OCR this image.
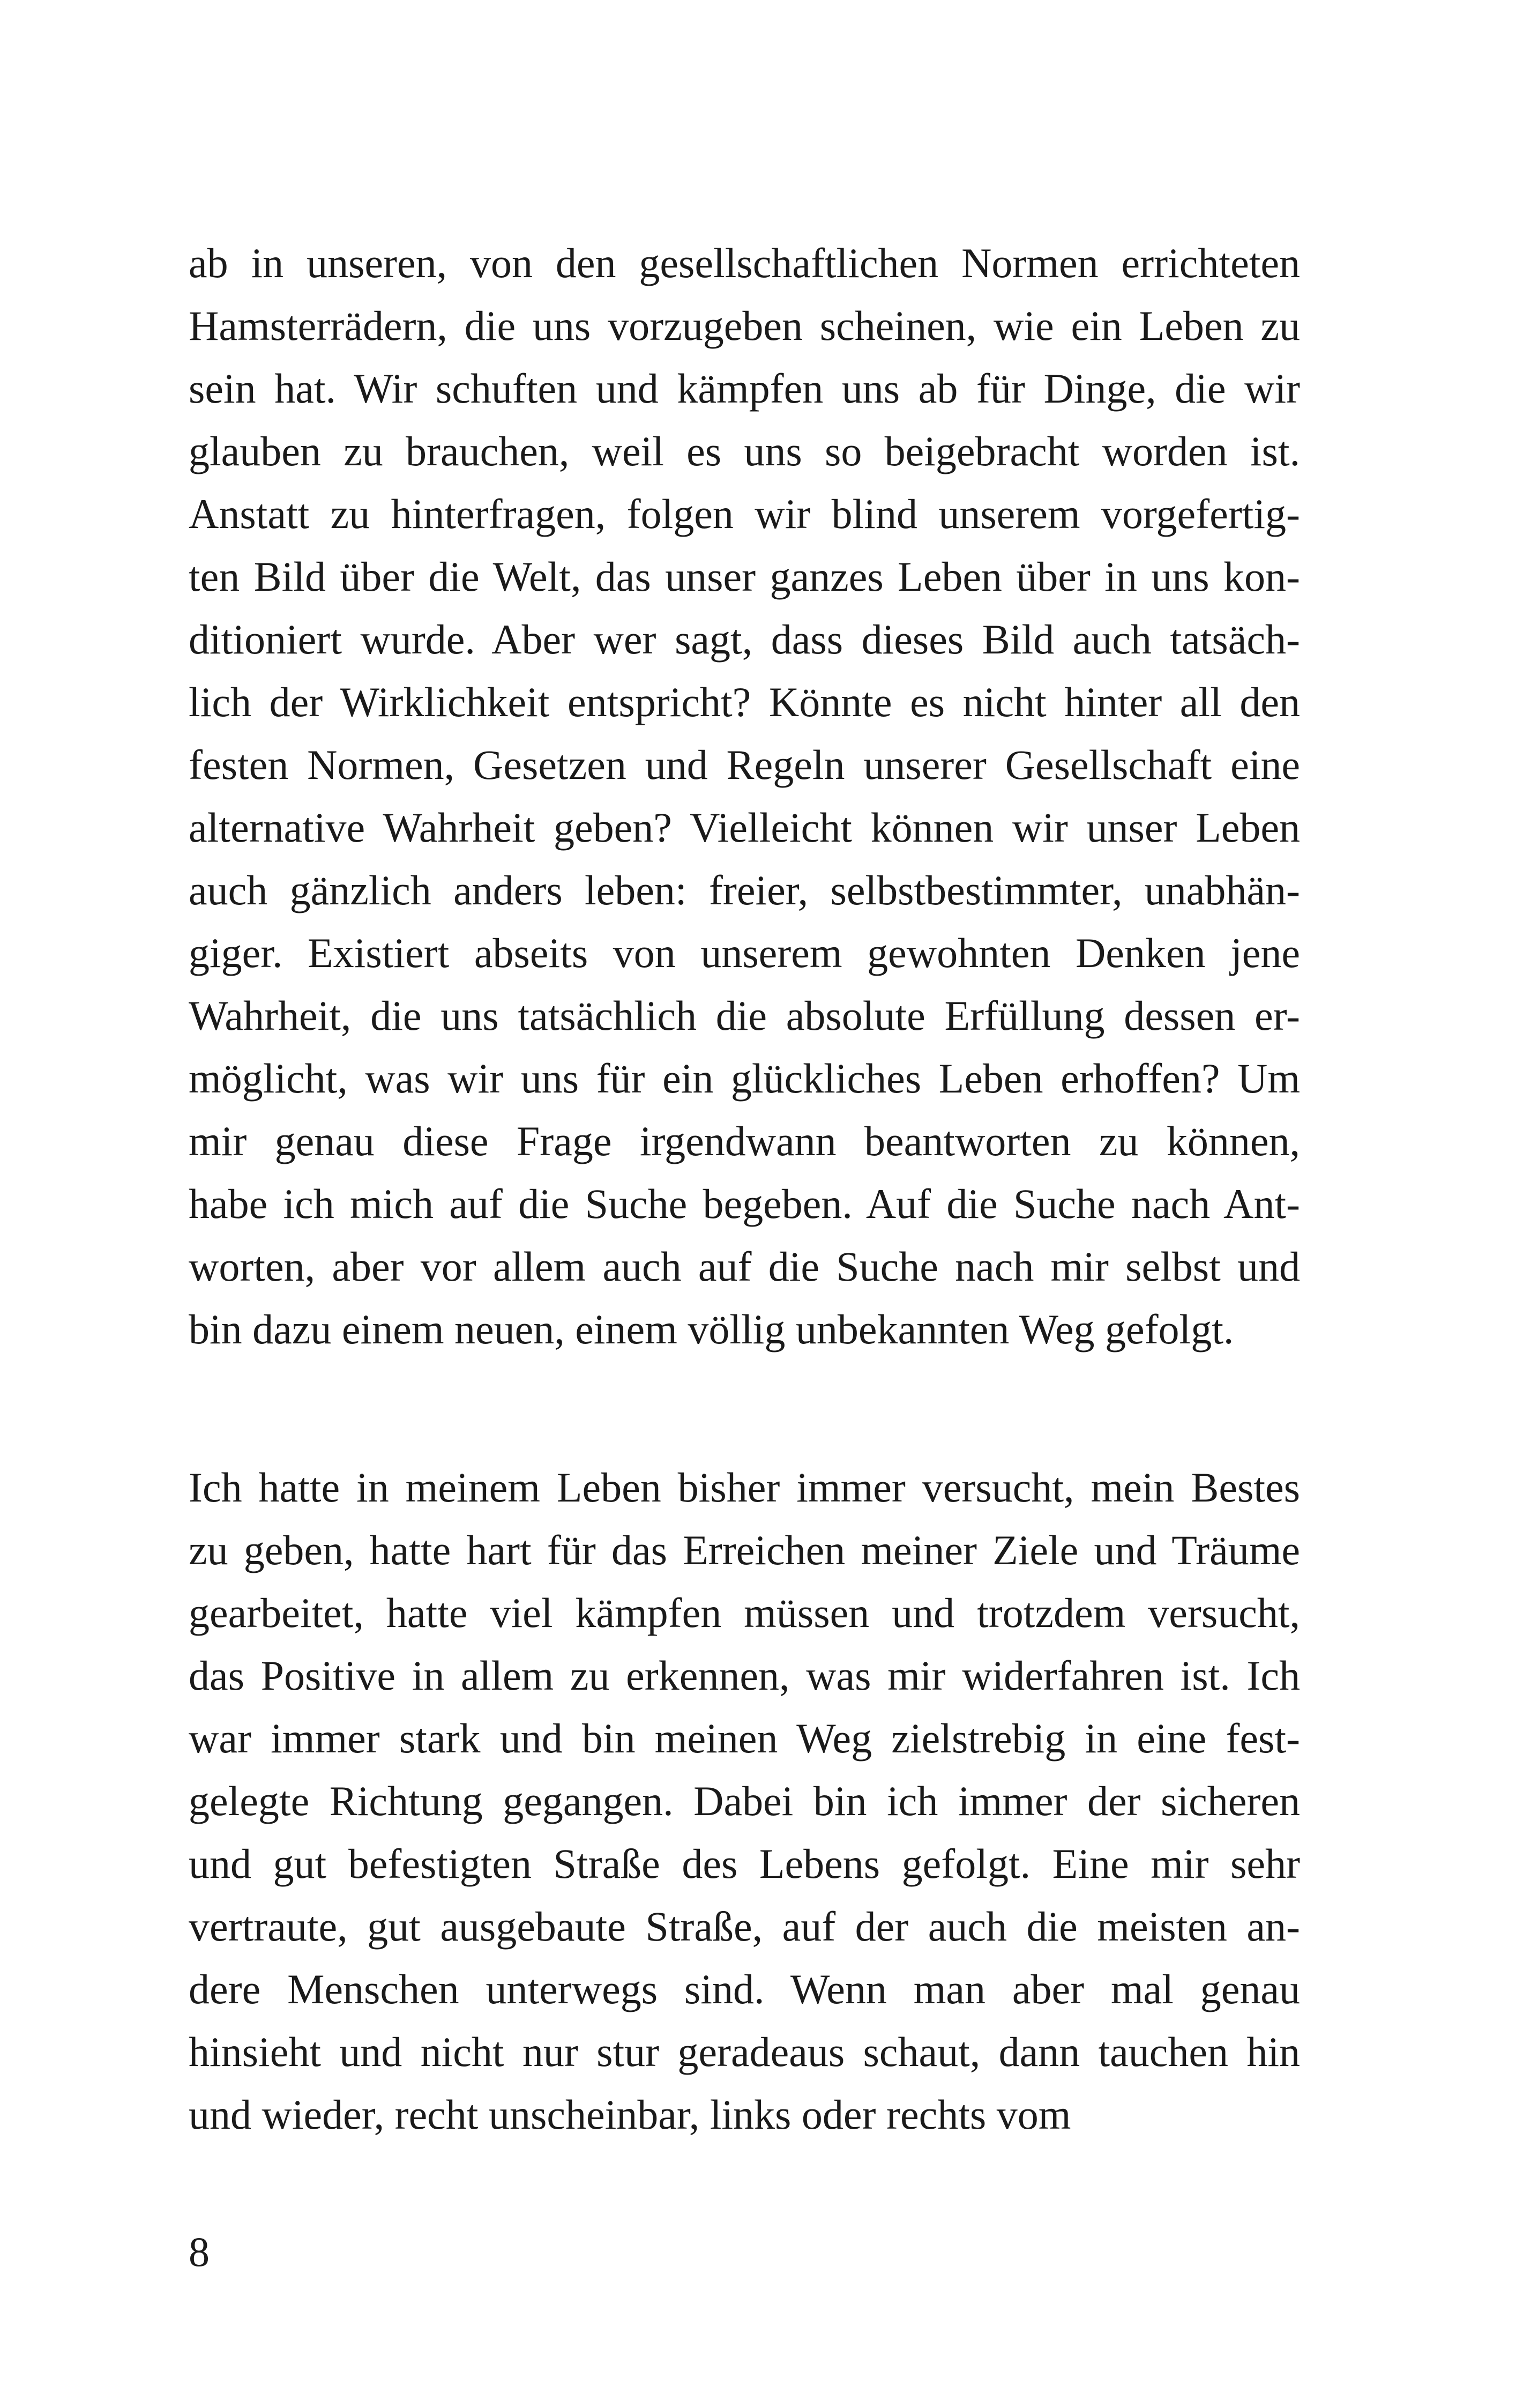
ab in unseren, von den gesellschaftlichen Normen errichteten
Hamsterrädern, die uns vorzugeben scheinen, wie ein Leben zu
sein hat. Wir schuften und kämpfen uns ab für Dinge, die wir
glauben zu brauchen, weil es uns so beigebracht worden ist.
Anstatt zu hinterfragen, folgen wir blind unserem vorgefertig-
ten Bild über die Welt, das unser ganzes Leben über in uns kon-
ditioniert wurde. Aber wer sagt, dass dieses Bild auch tatsäch-
lich der Wirklichkeit entspricht? Könnte es nicht hinter all den
festen Normen, Gesetzen und Regeln unserer Gesellschaft eine
alternative Wahrheit geben? Vielleicht können wir unser Leben
auch gänzlich anders leben: freier, selbstbestimmter, unabhän-
giger. Existiert abseits von unserem gewohnten Denken jene
Wahrheit, die uns tatsächlich die absolute Erfüllung dessen er-
möglicht, was wir uns für ein glückliches Leben erhoffen? Um
mir genau diese Frage irgendwann beantworten zu können,
habe ich mich auf die Suche begeben. Auf die Suche nach Ant-
worten, aber vor allem auch auf die Suche nach mir selbst und
bin dazu einem neuen, einem völlig unbekannten Weg gefolgt.
Ich hatte in meinem Leben bisher immer versucht, mein Bestes
zu geben, hatte hart für das Erreichen meiner Ziele und Träume
gearbeitet, hatte viel kämpfen müssen und trotzdem versucht,
das Positive in allem zu erkennen, was mir widerfahren ist. Ich
war immer stark und bin meinen Weg zielstrebig in eine fest-
gelegte Richtung gegangen. Dabei bin ich immer der sicheren
und gut befestigten Straße des Lebens gefolgt. Eine mir sehr
vertraute, gut ausgebaute Straße, auf der auch die meisten an-
dere Menschen unterwegs sind. Wenn man aber mal genau
hinsieht und nicht nur stur geradeaus schaut, dann tauchen hin
und wieder, recht unscheinbar, links oder rechts vom
8
